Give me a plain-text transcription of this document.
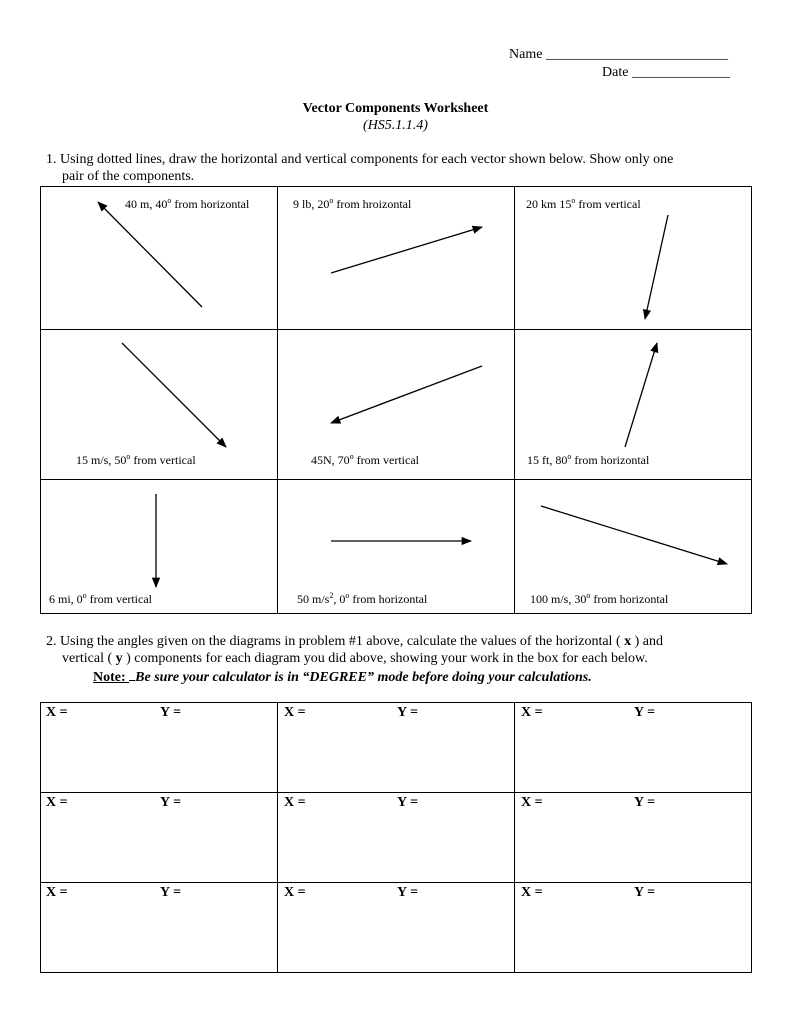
Name __________________________
Date ______________
Vector Components Worksheet
(HS5.1.1.4)
1. Using dotted lines, draw the horizontal and vertical components for each vector shown below. Show only one
pair of the components.
40 m, 40$^o$ from horizontal	9 lb, 20$^o$ from hroizontal	20 km 15$^o$ from vertical
15 m/s, 50$^o$ from vertical	45N, 70$^o$ from vertical	15 ft, 80$^o$ from horizontal
6 mi, 0$^o$ from vertical	50 $m/s^2$, 0$^o$ from horizontal	100 m/s, 30$^o$ from horizontal
2. Using the angles given on the diagrams in problem #1 above, calculate the values of the horizontal ( x ) and
vertical ( y ) components for each diagram you did above, showing your work in the box for each below.
Note: Be sure your calculator is in “DEGREE” mode before doing your calculations.
X =	Y =	X =	Y =	X =	Y =
X =	Y =	X =	Y =	X =	Y =
X =	Y =	X =	Y =	X =	Y =
